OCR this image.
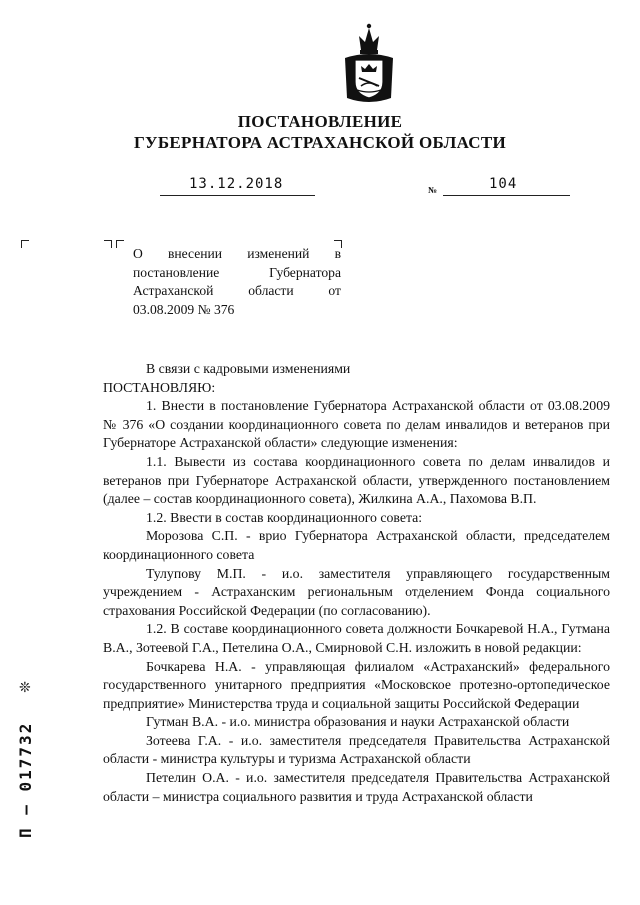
ПОСТАНОВЛЕНИЕ
ГУБЕРНАТОРА АСТРАХАНСКОЙ ОБЛАСТИ
13.12.2018	№	104
О внесении изменений в постановление Губернатора Астраханской области от 03.08.2009 № 376

В связи с кадровыми изменениями

ПОСТАНОВЛЯЮ:

1. Внести в постановление Губернатора Астраханской области от 03.08.2009 № 376 «О создании координационного совета по делам инвалидов и ветеранов при Губернаторе Астраханской области» следующие изменения:

1.1. Вывести из состава координационного совета по делам инвалидов и ветеранов при Губернаторе Астраханской области, утвержденного постановлением (далее – состав координационного совета), Жилкина А.А., Пахомова В.П.

1.2. Ввести в состав координационного совета:

Морозова С.П. - врио Губернатора Астраханской области, председателем координационного совета

Тулупову М.П. - и.о. заместителя управляющего государственным учреждением - Астраханским региональным отделением Фонда социального страхования Российской Федерации (по согласованию).

1.2. В составе координационного совета должности Бочкаревой Н.А., Гутмана В.А., Зотеевой Г.А., Петелина О.А., Смирновой С.Н. изложить в новой редакции:

Бочкарева Н.А. - управляющая филиалом «Астраханский» федерального государственного унитарного предприятия «Московское протезно-ортопедическое предприятие» Министерства труда и социальной защиты Российской Федерации

Гутман В.А. - и.о. министра образования и науки Астраханской области

Зотеева Г.А. - и.о. заместителя председателя Правительства Астраханской области - министра культуры и туризма Астраханской области

Петелин О.А. - и.о. заместителя председателя Правительства Астраханской области – министра социального развития и труда Астраханской области

❊
П – 017732
